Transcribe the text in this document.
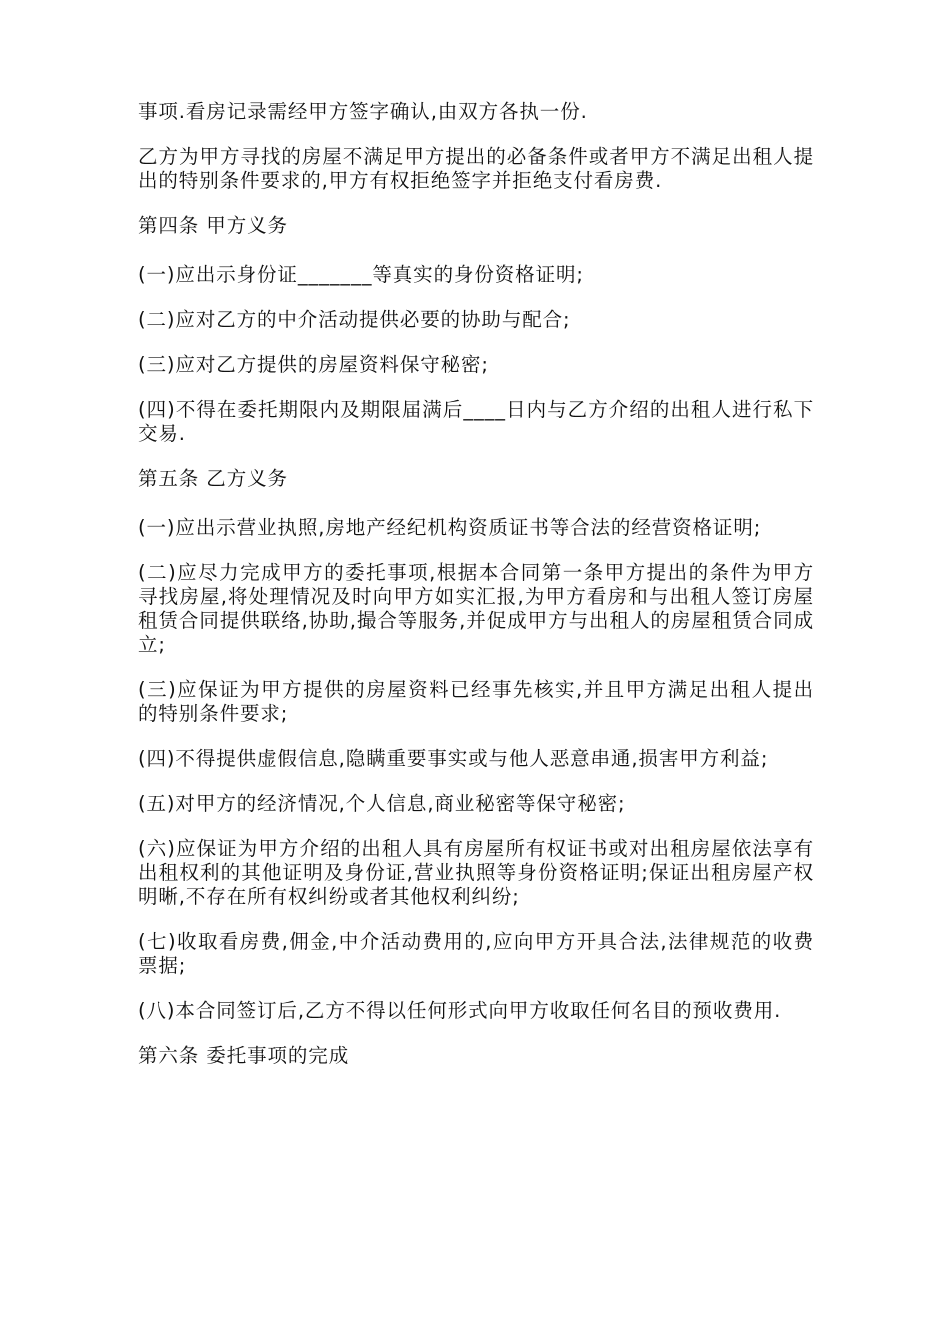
事项.看房记录需经甲方签字确认,由双方各执一份.

乙方为甲方寻找的房屋不满足甲方提出的必备条件或者甲方不满足出租人提出的特别条件要求的,甲方有权拒绝签字并拒绝支付看房费.

第四条 甲方义务

(一)应出示身份证_______等真实的身份资格证明;

(二)应对乙方的中介活动提供必要的协助与配合;

(三)应对乙方提供的房屋资料保守秘密;

(四)不得在委托期限内及期限届满后____日内与乙方介绍的出租人进行私下交易.

第五条 乙方义务

(一)应出示营业执照,房地产经纪机构资质证书等合法的经营资格证明;

(二)应尽力完成甲方的委托事项,根据本合同第一条甲方提出的条件为甲方寻找房屋,将处理情况及时向甲方如实汇报,为甲方看房和与出租人签订房屋租赁合同提供联络,协助,撮合等服务,并促成甲方与出租人的房屋租赁合同成立;

(三)应保证为甲方提供的房屋资料已经事先核实,并且甲方满足出租人提出的特别条件要求;

(四)不得提供虚假信息,隐瞒重要事实或与他人恶意串通,损害甲方利益;

(五)对甲方的经济情况,个人信息,商业秘密等保守秘密;

(六)应保证为甲方介绍的出租人具有房屋所有权证书或对出租房屋依法享有出租权利的其他证明及身份证,营业执照等身份资格证明;保证出租房屋产权明晰,不存在所有权纠纷或者其他权利纠纷;

(七)收取看房费,佣金,中介活动费用的,应向甲方开具合法,法律规范的收费票据;

(八)本合同签订后,乙方不得以任何形式向甲方收取任何名目的预收费用.

第六条 委托事项的完成
